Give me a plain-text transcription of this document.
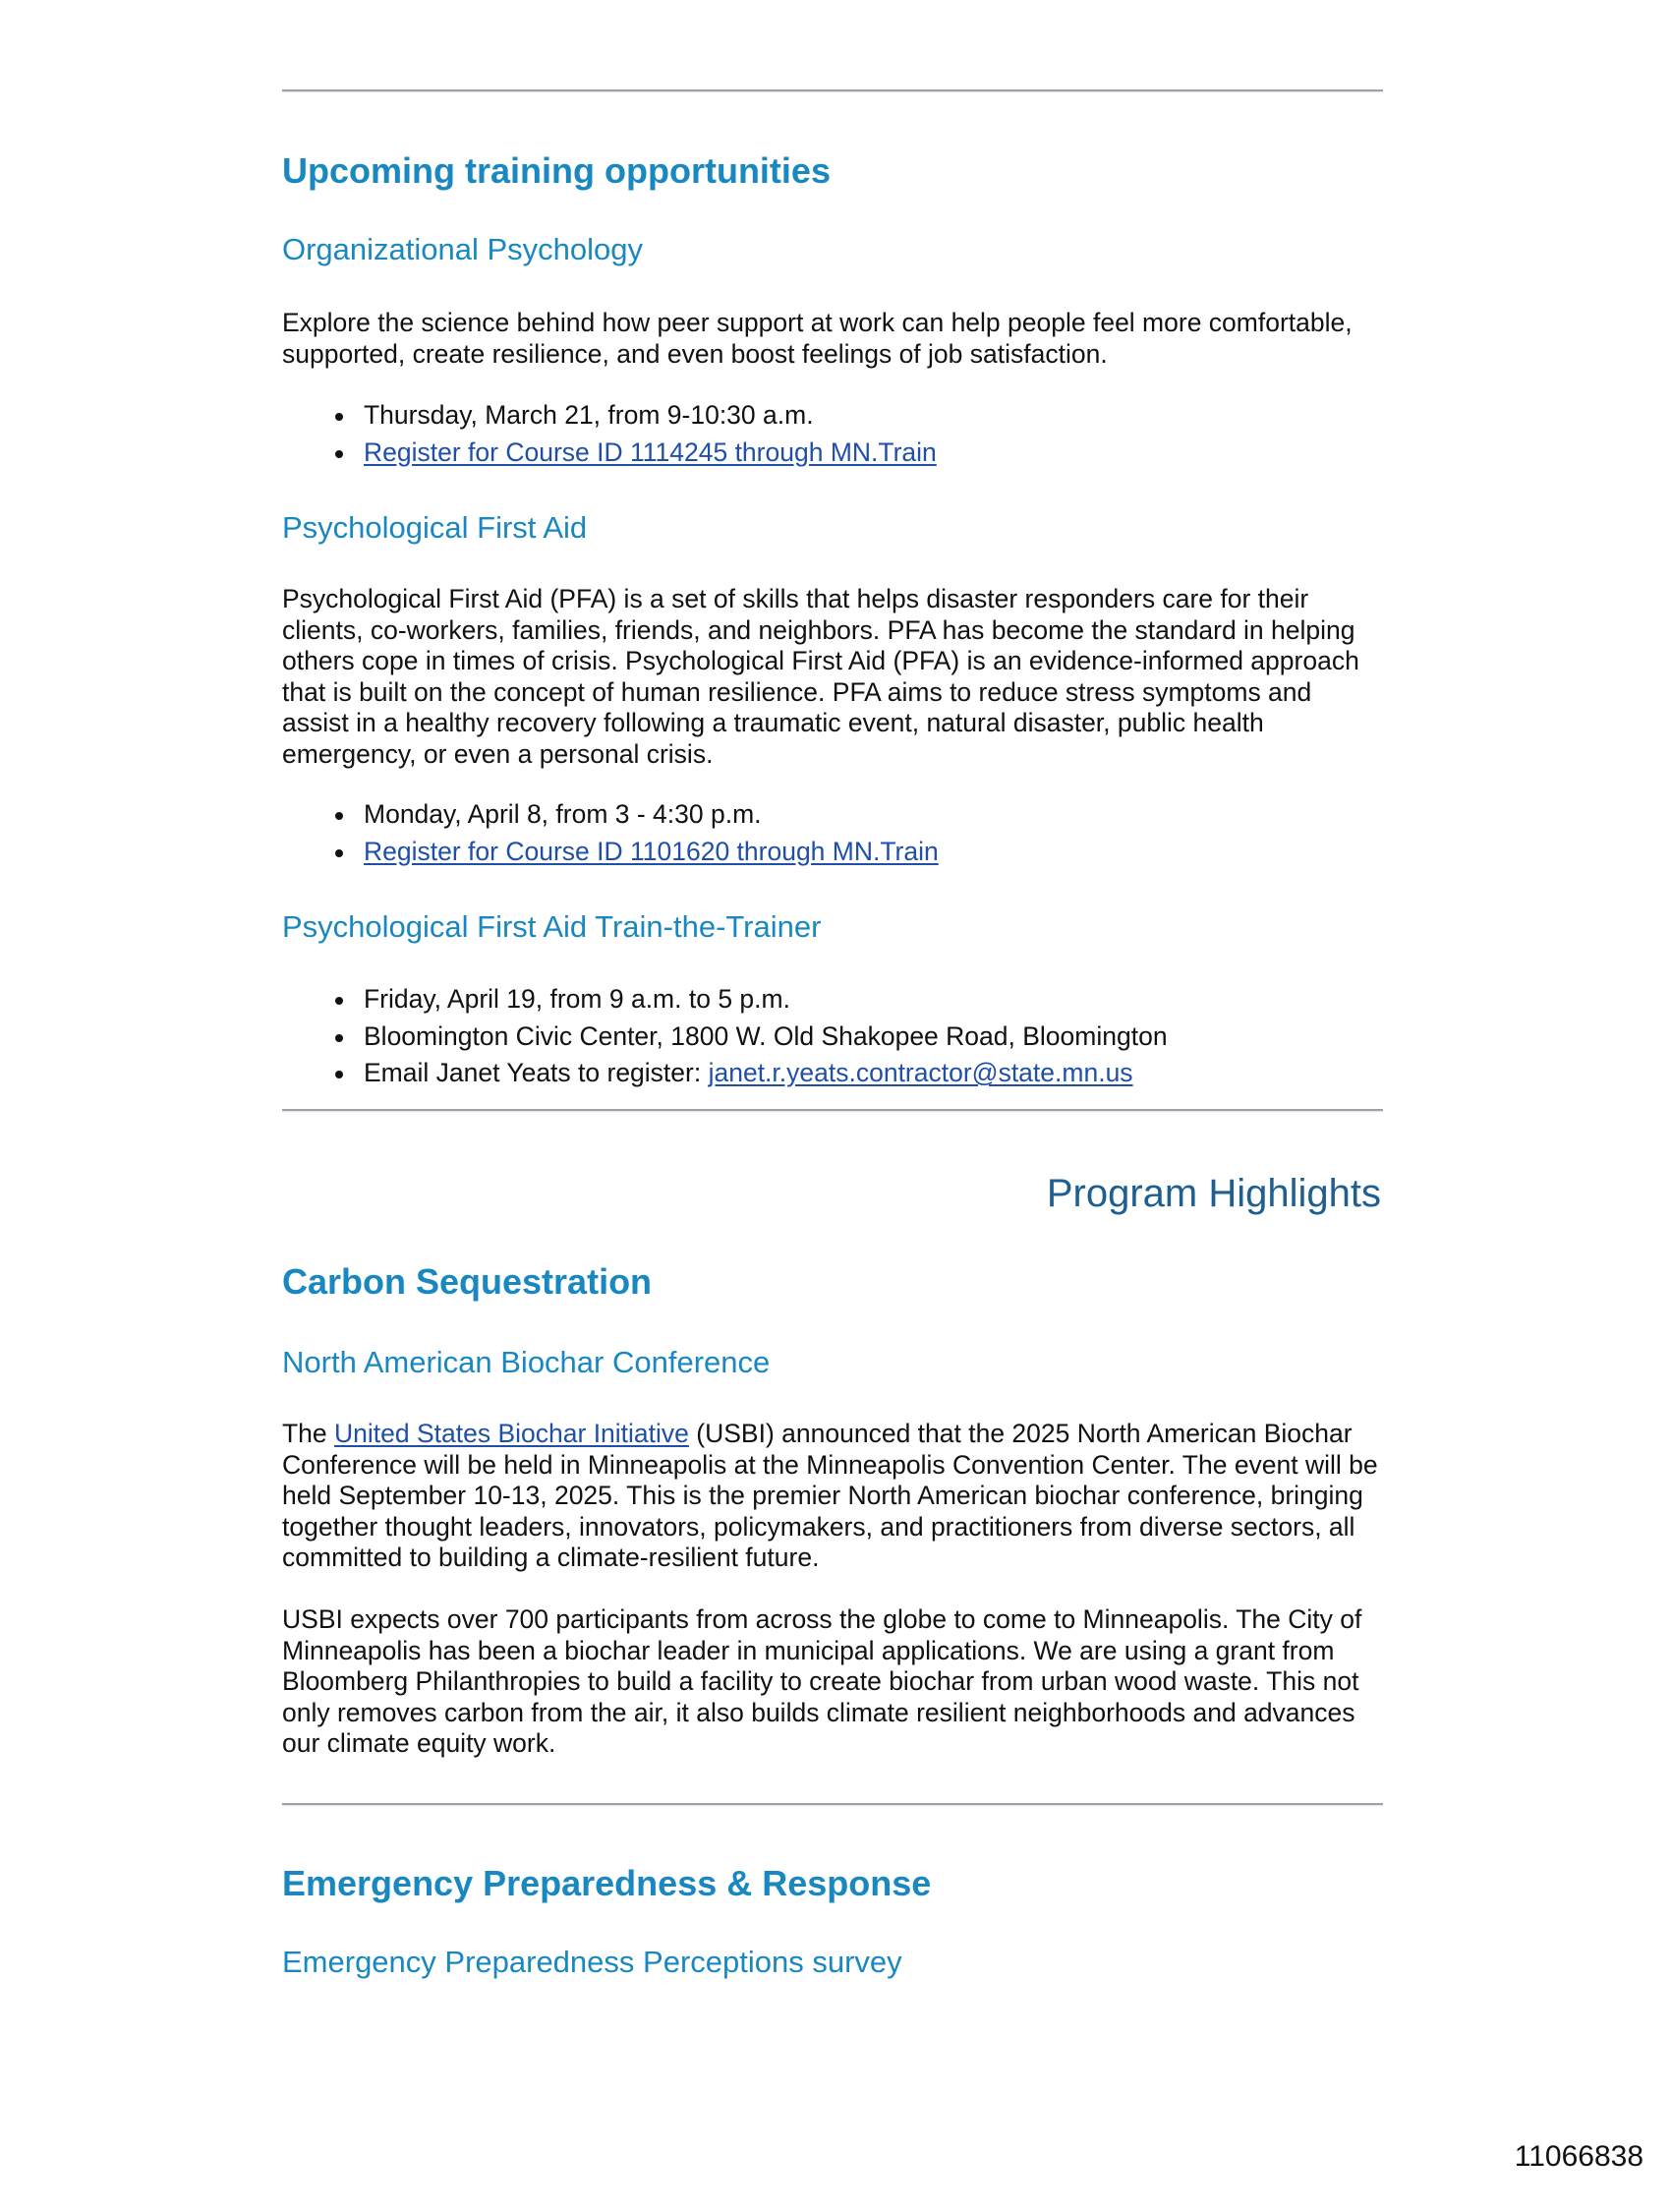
Upcoming training opportunities
Organizational Psychology

Explore the science behind how peer support at work can help people feel more comfortable, supported, create resilience, and even boost feelings of job satisfaction.

Thursday, March 21, from 9-10:30 a.m.
Register for Course ID 1114245 through MN.Train
Psychological First Aid

Psychological First Aid (PFA) is a set of skills that helps disaster responders care for their clients, co-workers, families, friends, and neighbors. PFA has become the standard in helping others cope in times of crisis. Psychological First Aid (PFA) is an evidence-informed approach that is built on the concept of human resilience. PFA aims to reduce stress symptoms and assist in a healthy recovery following a traumatic event, natural disaster, public health emergency, or even a personal crisis.

Monday, April 8, from 3 - 4:30 p.m.
Register for Course ID 1101620 through MN.Train
Psychological First Aid Train-the-Trainer
Friday, April 19, from 9 a.m. to 5 p.m.
Bloomington Civic Center, 1800 W. Old Shakopee Road, Bloomington
Email Janet Yeats to register: janet.r.yeats.contractor@state.mn.us
Program Highlights
Carbon Sequestration
North American Biochar Conference

The United States Biochar Initiative (USBI) announced that the 2025 North American Biochar Conference will be held in Minneapolis at the Minneapolis Convention Center. The event will be held September 10-13, 2025. This is the premier North American biochar conference, bringing together thought leaders, innovators, policymakers, and practitioners from diverse sectors, all committed to building a climate-resilient future.

USBI expects over 700 participants from across the globe to come to Minneapolis. The City of Minneapolis has been a biochar leader in municipal applications. We are using a grant from Bloomberg Philanthropies to build a facility to create biochar from urban wood waste. This not only removes carbon from the air, it also builds climate resilient neighborhoods and advances our climate equity work.

Emergency Preparedness & Response
Emergency Preparedness Perceptions survey
11066838
